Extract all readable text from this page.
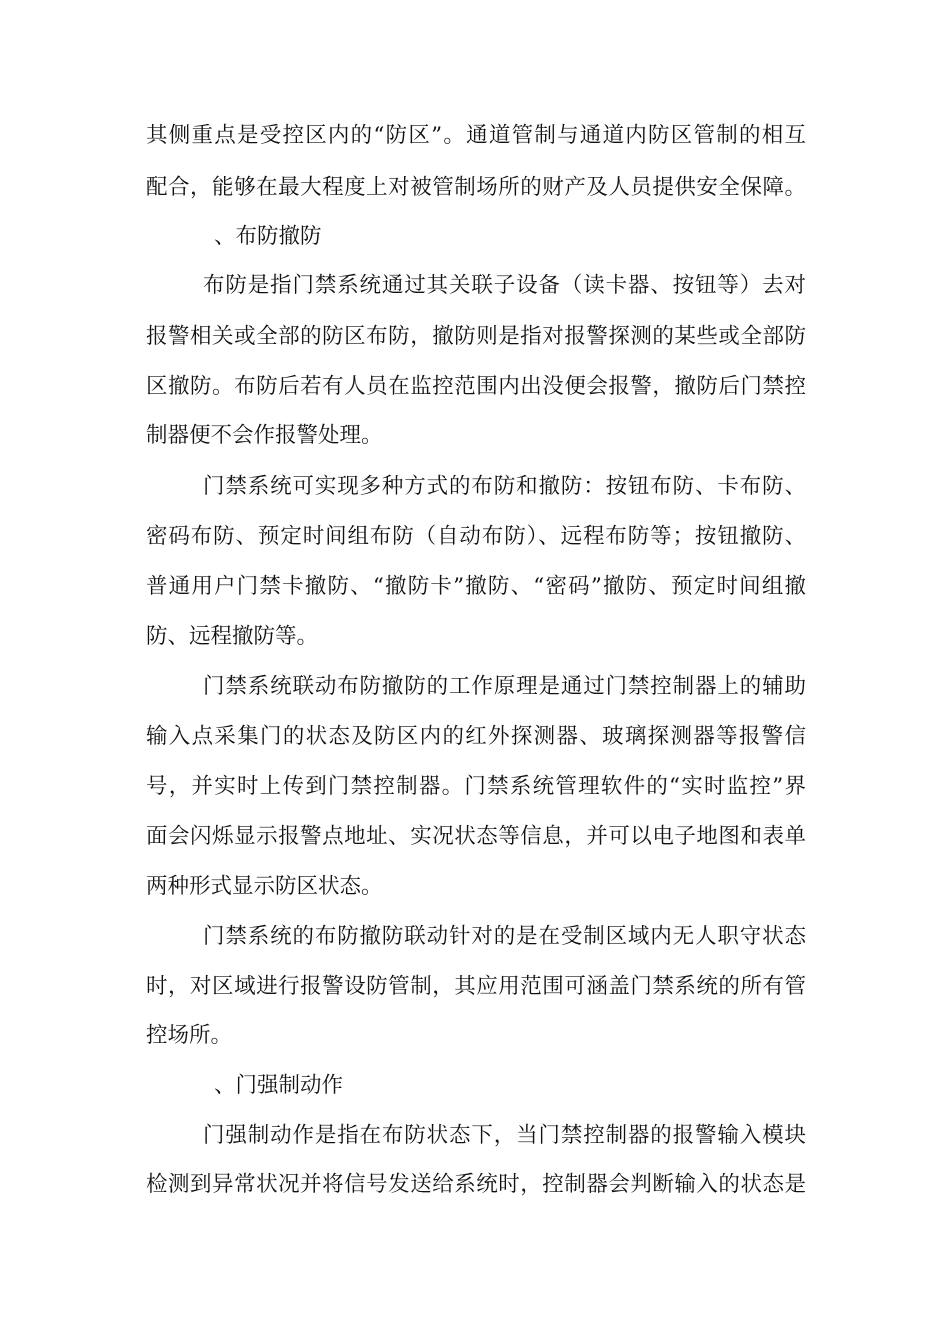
其侧重点是受控区内的“防区”。通道管制与通道内防区管制的相互
配合，能够在最大程度上对被管制场所的财产及人员提供安全保障。
、布防撤防
布防是指门禁系统通过其关联子设备（读卡器、按钮等）去对
报警相关或全部的防区布防，撤防则是指对报警探测的某些或全部防
区撤防。布防后若有人员在监控范围内出没便会报警，撤防后门禁控
制器便不会作报警处理。
门禁系统可实现多种方式的布防和撤防：按钮布防、卡布防、
密码布防、预定时间组布防（自动布防）、远程布防等；按钮撤防、
普通用户门禁卡撤防、“撤防卡”撤防、“密码”撤防、预定时间组撤
防、远程撤防等。
门禁系统联动布防撤防的工作原理是通过门禁控制器上的辅助
输入点采集门的状态及防区内的红外探测器、玻璃探测器等报警信
号，并实时上传到门禁控制器。门禁系统管理软件的“实时监控”界
面会闪烁显示报警点地址、实况状态等信息，并可以电子地图和表单
两种形式显示防区状态。
门禁系统的布防撤防联动针对的是在受制区域内无人职守状态
时，对区域进行报警设防管制，其应用范围可涵盖门禁系统的所有管
控场所。
、门强制动作
门强制动作是指在布防状态下，当门禁控制器的报警输入模块
检测到异常状况并将信号发送给系统时，控制器会判断输入的状态是
